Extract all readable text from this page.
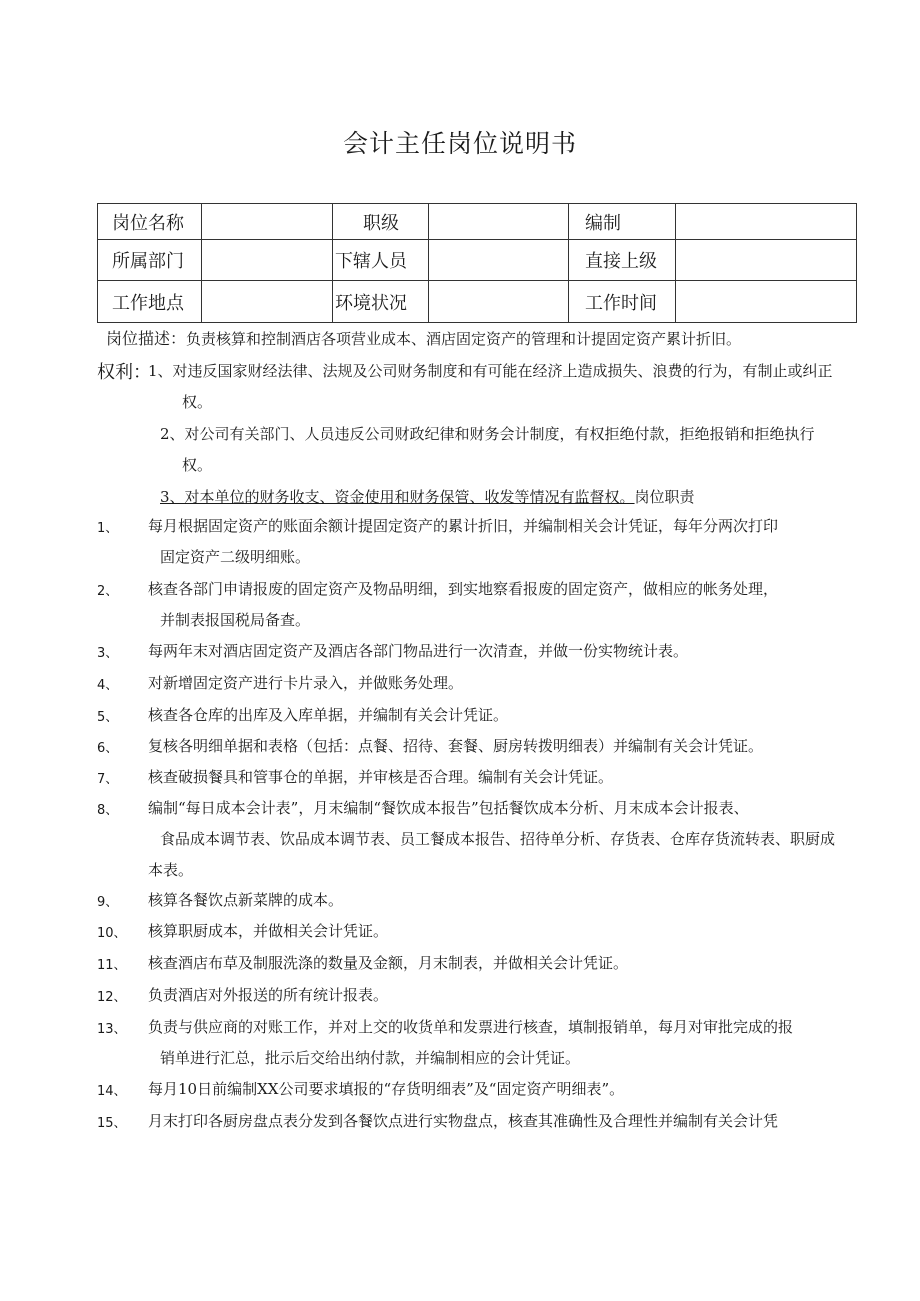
会计主任岗位说明书
岗位名称		职级		编制	
所属部门		下辖人员		直接上级	
工作地点		环境状况		工作时间	
岗位描述：负责核算和控制酒店各项营业成本、酒店固定资产的管理和计提固定资产累计折旧。
权利：
1、对违反国家财经法律、法规及公司财务制度和有可能在经济上造成损失、浪费的行为，有制止或纠正
权。
2、对公司有关部门、人员违反公司财政纪律和财务会计制度，有权拒绝付款，拒绝报销和拒绝执行
权。
3、对本单位的财务收支、资金使用和财务保管、收发等情况有监督权。岗位职责
1、 每月根据固定资产的账面余额计提固定资产的累计折旧，并编制相关会计凭证，每年分两次打印
固定资产二级明细账。
2、 核查各部门申请报废的固定资产及物品明细，到实地察看报废的固定资产，做相应的帐务处理，
并制表报国税局备查。
3、 每两年末对酒店固定资产及酒店各部门物品进行一次清查，并做一份实物统计表。
4、 对新增固定资产进行卡片录入，并做账务处理。
5、 核查各仓库的出库及入库单据，并编制有关会计凭证。
6、 复核各明细单据和表格（包括：点餐、招待、套餐、厨房转拨明细表）并编制有关会计凭证。
7、 核查破损餐具和管事仓的单据，并审核是否合理。编制有关会计凭证。
8、 编制“每日成本会计表”，月末编制“餐饮成本报告”包括餐饮成本分析、月末成本会计报表、
食品成本调节表、饮品成本调节表、员工餐成本报告、招待单分析、存货表、仓库存货流转表、职厨成
本表。
9、 核算各餐饮点新菜牌的成本。
10、 核算职厨成本，并做相关会计凭证。
11、 核查酒店布草及制服洗涤的数量及金额，月末制表，并做相关会计凭证。
12、 负责酒店对外报送的所有统计报表。
13、 负责与供应商的对账工作，并对上交的收货单和发票进行核查，填制报销单，每月对审批完成的报
销单进行汇总，批示后交给出纳付款，并编制相应的会计凭证。
14、 每月10日前编制XX公司要求填报的“存货明细表”及“固定资产明细表”。
15、 月末打印各厨房盘点表分发到各餐饮点进行实物盘点，核查其准确性及合理性并编制有关会计凭
